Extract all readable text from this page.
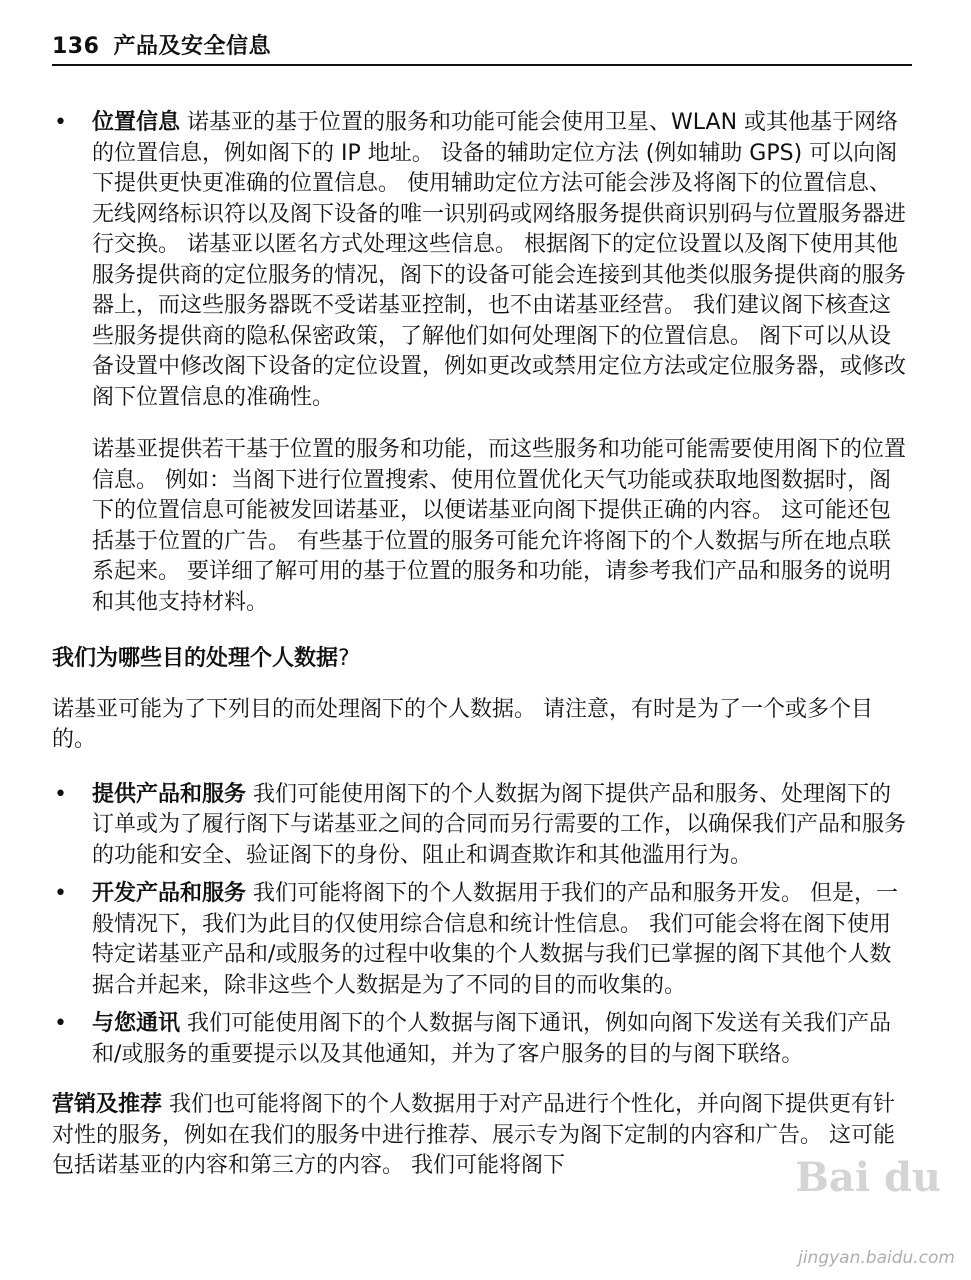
136 产品及安全信息
• 位置信息 诺基亚的基于位置的服务和功能可能会使用卫星、WLAN 或其他基于网络的位置信息，例如阁下的 IP 地址。 设备的辅助定位方法 (例如辅助 GPS) 可以向阁下提供更快更准确的位置信息。 使用辅助定位方法可能会涉及将阁下的位置信息、无线网络标识符以及阁下设备的唯一识别码或网络服务提供商识别码与位置服务器进行交换。 诺基亚以匿名方式处理这些信息。 根据阁下的定位设置以及阁下使用其他服务提供商的定位服务的情况，阁下的设备可能会连接到其他类似服务提供商的服务器上，而这些服务器既不受诺基亚控制，也不由诺基亚经营。 我们建议阁下核查这些服务提供商的隐私保密政策，了解他们如何处理阁下的位置信息。 阁下可以从设备设置中修改阁下设备的定位设置，例如更改或禁用定位方法或定位服务器，或修改阁下位置信息的准确性。

诺基亚提供若干基于位置的服务和功能，而这些服务和功能可能需要使用阁下的位置信息。 例如：当阁下进行位置搜索、使用位置优化天气功能或获取地图数据时，阁下的位置信息可能被发回诺基亚，以便诺基亚向阁下提供正确的内容。 这可能还包括基于位置的广告。 有些基于位置的服务可能允许将阁下的个人数据与所在地点联系起来。 要详细了解可用的基于位置的服务和功能，请参考我们产品和服务的说明和其他支持材料。

我们为哪些目的处理个人数据?

诺基亚可能为了下列目的而处理阁下的个人数据。 请注意，有时是为了一个或多个目的。

• 提供产品和服务 我们可能使用阁下的个人数据为阁下提供产品和服务、处理阁下的订单或为了履行阁下与诺基亚之间的合同而另行需要的工作，以确保我们产品和服务的功能和安全、验证阁下的身份、阻止和调查欺诈和其他滥用行为。

• 开发产品和服务 我们可能将阁下的个人数据用于我们的产品和服务开发。 但是，一般情况下，我们为此目的仅使用综合信息和统计性信息。 我们可能会将在阁下使用特定诺基亚产品和/或服务的过程中收集的个人数据与我们已掌握的阁下其他个人数据合并起来，除非这些个人数据是为了不同的目的而收集的。

• 与您通讯 我们可能使用阁下的个人数据与阁下通讯，例如向阁下发送有关我们产品和/或服务的重要提示以及其他通知，并为了客户服务的目的与阁下联络。

营销及推荐 我们也可能将阁下的个人数据用于对产品进行个性化，并向阁下提供更有针对性的服务，例如在我们的服务中进行推荐、展示专为阁下定制的内容和广告。 这可能包括诺基亚的内容和第三方的内容。 我们可能将阁下	Bai du
jingyan.baidu.com
